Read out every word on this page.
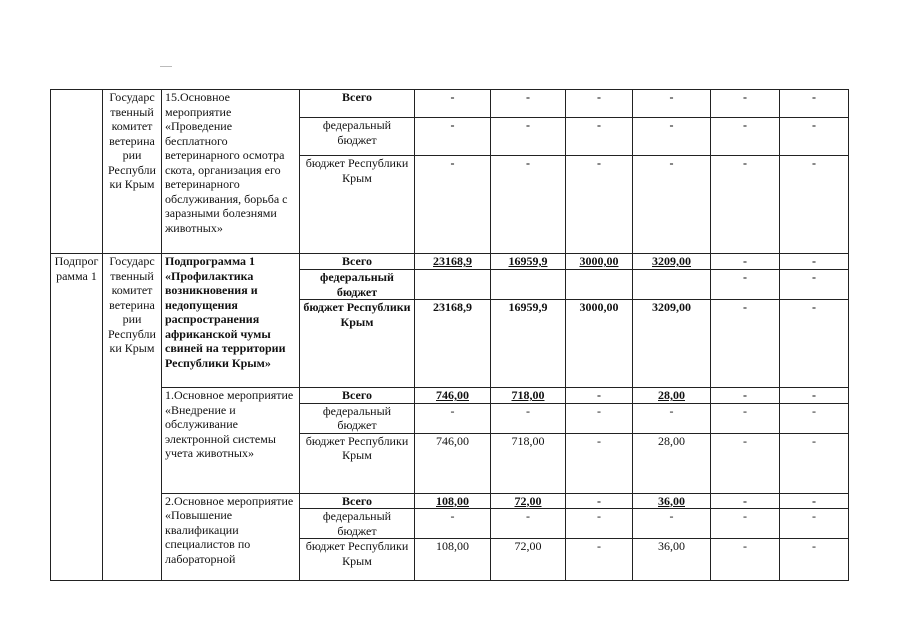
	Государс твенный комитет ветерина рии Республи ки Крым	15.Основное мероприятие «Проведение бесплатного ветеринарного осмотра скота, организация его ветеринарного обслуживания, борьба с заразными болезнями животных»	Всего	-	-	-	-	-	-
			федеральный бюджет	-	-	-	-	-	-
			бюджет Республики Крым	-	-	-	-	-	-
Подпрог рамма 1	Государс твенный комитет ветерина рии Республи ки Крым	Подпрограмма 1 «Профилактика возникновения и недопущения распространения африканской чумы свиней на территории Республики Крым»	Всего	23168,9	16959,9	3000,00	3209,00	-	-
			федеральный бюджет					-	-
			бюджет Республики Крым	23168,9	16959,9	3000,00	3209,00	-	-
		1.Основное мероприятие «Внедрение и обслуживание электронной системы учета животных»	Всего	746,00	718,00	-	28,00	-	-
			федеральный бюджет	-	-	-	-	-	-
			бюджет Республики Крым	746,00	718,00	-	28,00	-	-
		2.Основное мероприятие «Повышение квалификации специалистов по лабораторной	Всего	108,00	72,00	-	36,00	-	-
			федеральный бюджет	-	-	-	-	-	-
			бюджет Республики Крым	108,00	72,00	-	36,00	-	-
